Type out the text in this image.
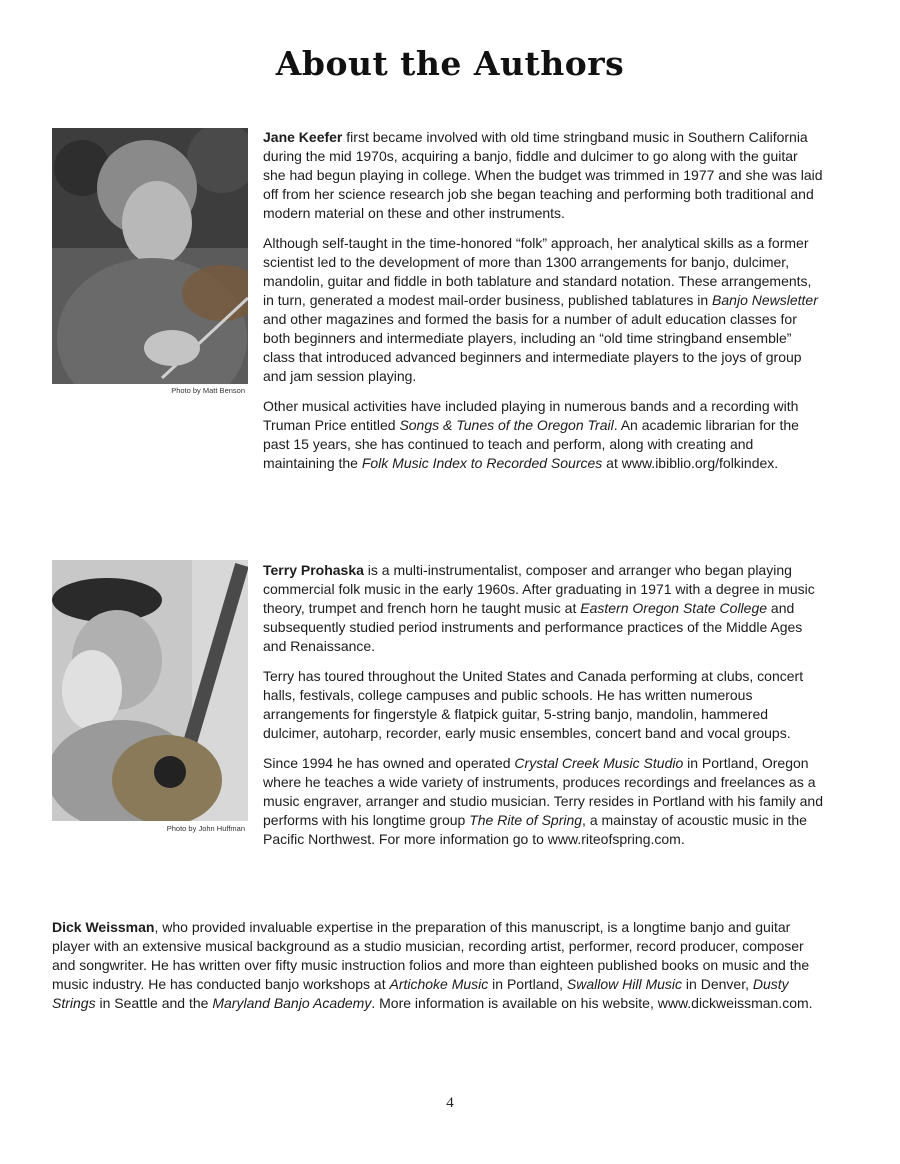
About the Authors
Photo by Matt Benson

Jane Keefer first became involved with old time stringband music in Southern California during the mid 1970s, acquiring a banjo, fiddle and dulcimer to go along with the guitar she had begun playing in college. When the budget was trimmed in 1977 and she was laid off from her science research job she began teaching and performing both traditional and modern material on these and other instruments.

Although self-taught in the time-honored “folk” approach, her analytical skills as a former scientist led to the development of more than 1300 arrangements for banjo, dulcimer, mandolin, guitar and fiddle in both tablature and standard notation. These arrangements, in turn, generated a modest mail-order business, published tablatures in Banjo Newsletter and other magazines and formed the basis for a number of adult education classes for both beginners and intermediate players, including an “old time stringband ensemble” class that introduced advanced beginners and intermediate players to the joys of group and jam session playing.

Other musical activities have included playing in numerous bands and a recording with Truman Price entitled Songs & Tunes of the Oregon Trail. An academic librarian for the past 15 years, she has continued to teach and perform, along with creating and maintaining the Folk Music Index to Recorded Sources at www.ibiblio.org/folkindex.

Photo by John Huffman

Terry Prohaska is a multi-instrumentalist, composer and arranger who began playing commercial folk music in the early 1960s. After graduating in 1971 with a degree in music theory, trumpet and french horn he taught music at Eastern Oregon State College and subsequently studied period instruments and performance practices of the Middle Ages and Renaissance.

Terry has toured throughout the United States and Canada performing at clubs, concert halls, festivals, college campuses and public schools. He has written numerous arrangements for fingerstyle & flatpick guitar, 5-string banjo, mandolin, hammered dulcimer, autoharp, recorder, early music ensembles, concert band and vocal groups.

Since 1994 he has owned and operated Crystal Creek Music Studio in Portland, Oregon where he teaches a wide variety of instruments, produces recordings and freelances as a music engraver, arranger and studio musician. Terry resides in Portland with his family and performs with his longtime group The Rite of Spring, a mainstay of acoustic music in the Pacific Northwest. For more information go to www.riteofspring.com.

Dick Weissman, who provided invaluable expertise in the preparation of this manuscript, is a longtime banjo and guitar player with an extensive musical background as a studio musician, recording artist, performer, record producer, composer and songwriter. He has written over fifty music instruction folios and more than eighteen published books on music and the music industry. He has conducted banjo workshops at Artichoke Music in Portland, Swallow Hill Music in Denver, Dusty Strings in Seattle and the Maryland Banjo Academy. More information is available on his website, www.dickweissman.com.
4
